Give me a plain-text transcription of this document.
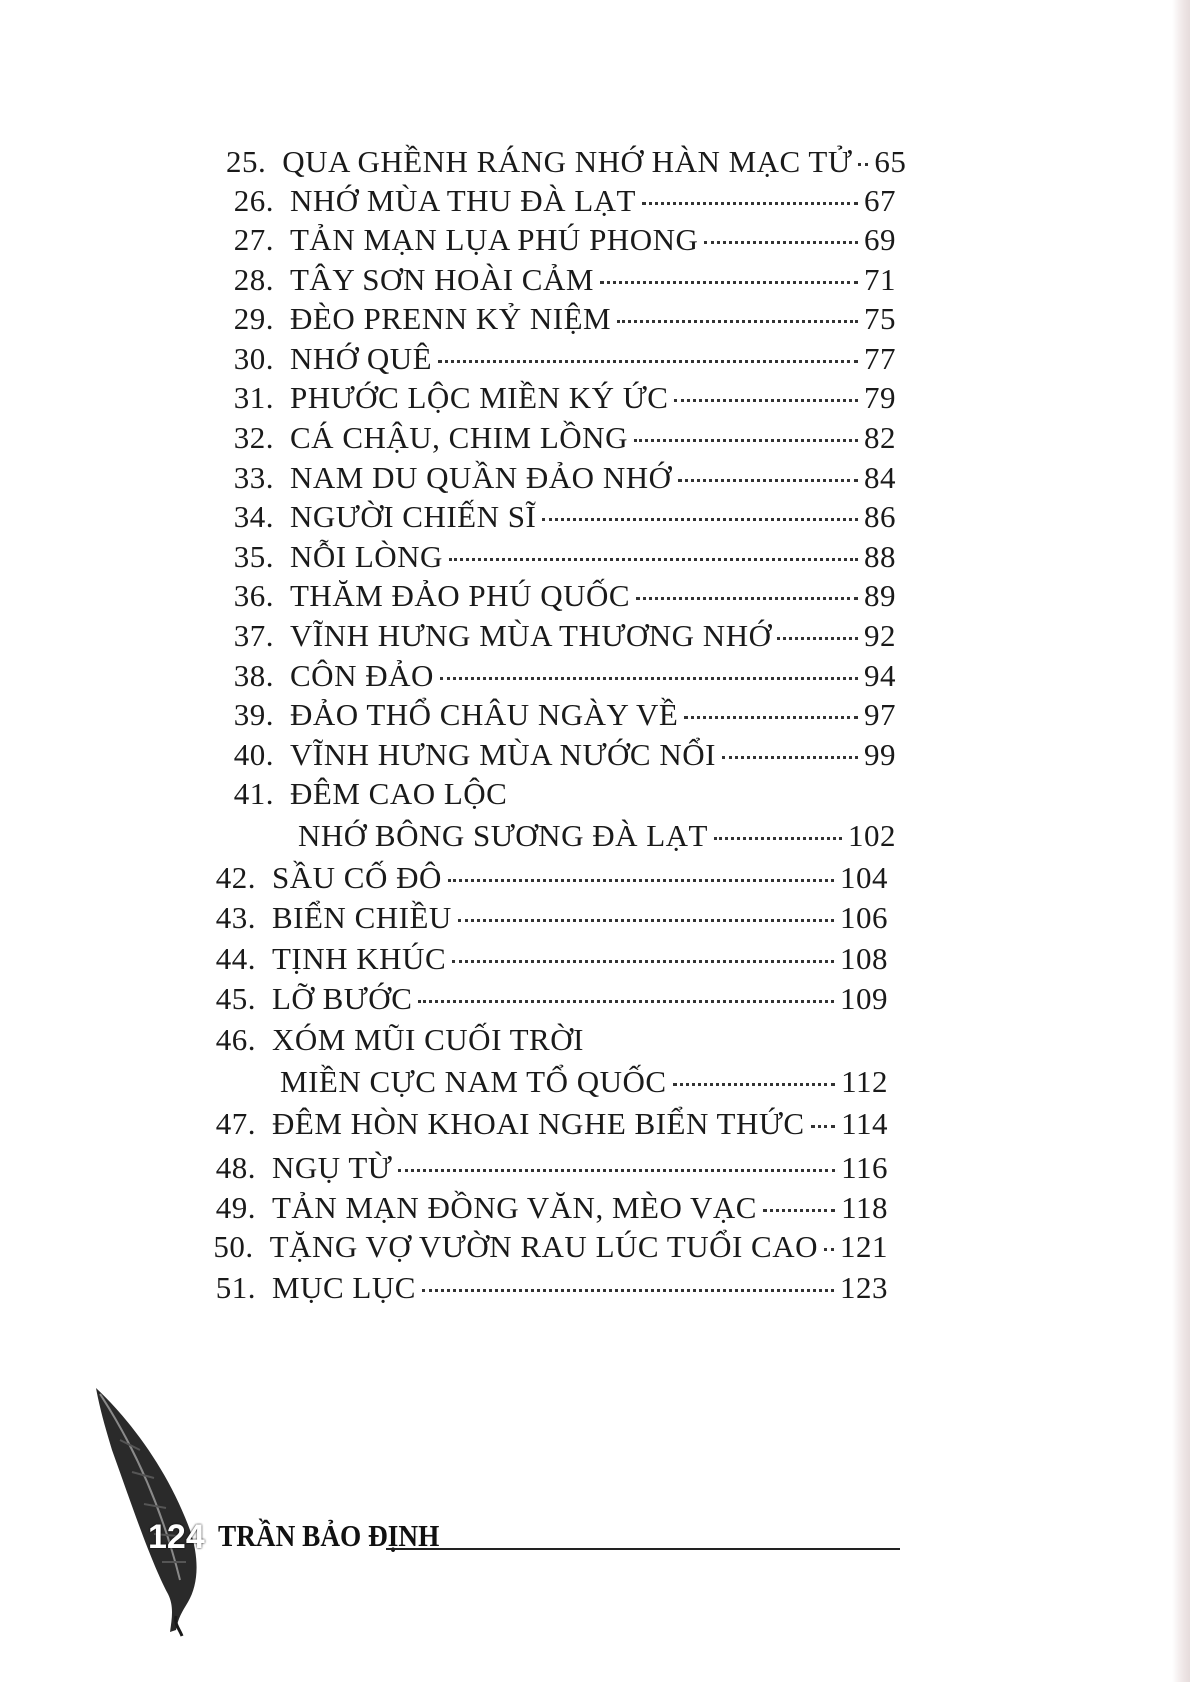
25. QUA GHỀNH RÁNG NHỚ HÀN MẠC TỬ 65
26. NHỚ MÙA THU ĐÀ LẠT	67
27. TẢN MẠN LỤA PHÚ PHONG	69
28. TÂY SƠN HOÀI CẢM	71
29. ĐÈO PRENN KỶ NIỆM	75
30. NHỚ QUÊ	77
31. PHƯỚC LỘC MIỀN KÝ ỨC	79
32. CÁ CHẬU, CHIM LỒNG	82
33. NAM DU QUẦN ĐẢO NHỚ	84
34. NGƯỜI CHIẾN SĨ	86
35. NỖI LÒNG	88
36. THĂM ĐẢO PHÚ QUỐC	89
37. VĨNH HƯNG MÙA THƯƠNG NHỚ	92
38. CÔN ĐẢO	94
39. ĐẢO THỔ CHÂU NGÀY VỀ	97
40. VĨNH HƯNG MÙA NƯỚC NỔI	99
41. ĐÊM CAO LỘC
NHỚ BÔNG SƯƠNG ĐÀ LẠT	102
42. SẦU CỐ ĐÔ	104
43. BIỂN CHIỀU	106
44. TỊNH KHÚC	108
45. LỠ BƯỚC	109
46. XÓM MŨI CUỐI TRỜI
MIỀN CỰC NAM TỔ QUỐC	112
47. ĐÊM HÒN KHOAI NGHE BIỂN THỨC 114
48. NGỤ TỪ	116
49. TẢN MẠN ĐỒNG VĂN, MÈO VẠC	118
50. TẶNG VỢ VƯỜN RAU LÚC TUỔI CAO 121
51. MỤC LỤC	123
124 TRẦN BẢO ĐỊNH
